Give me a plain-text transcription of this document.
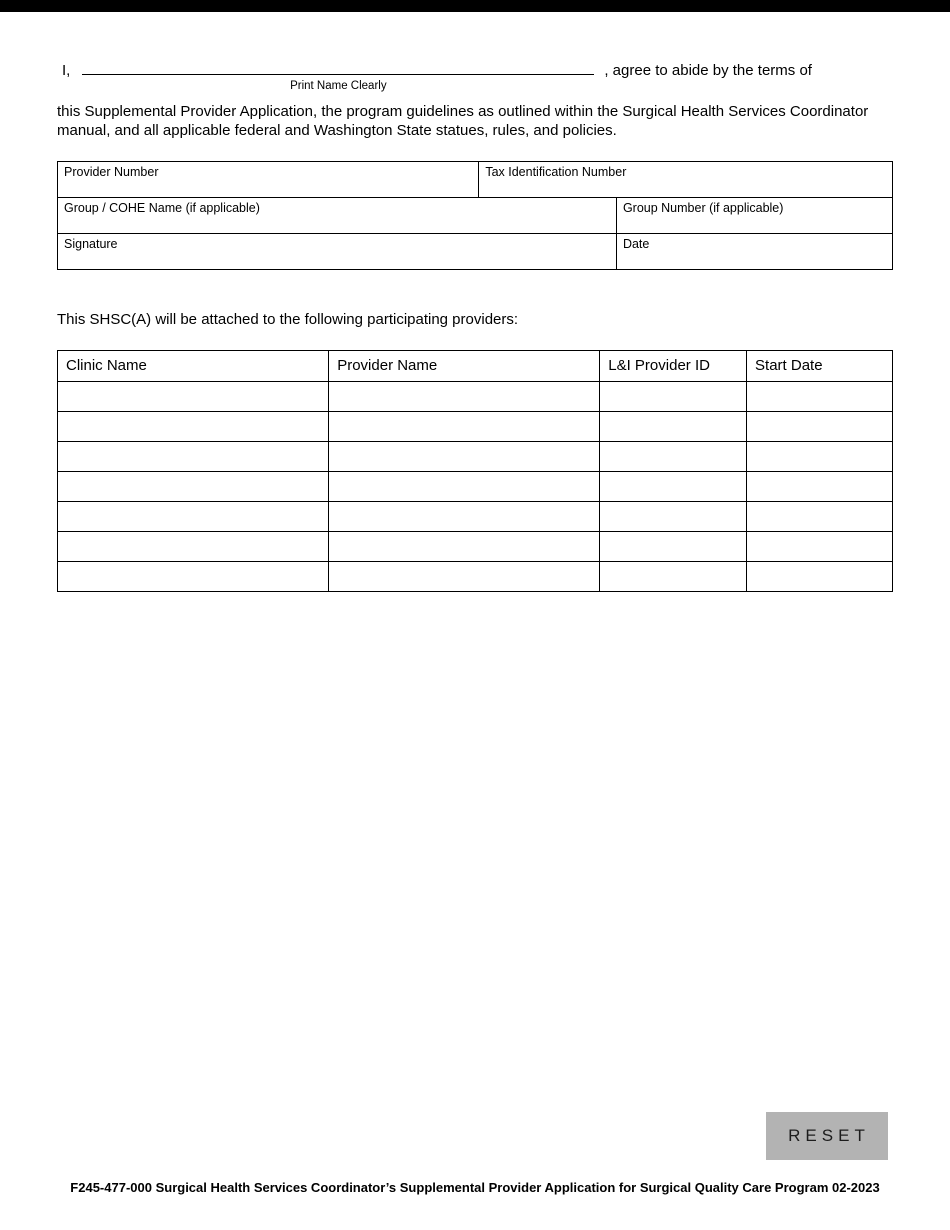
I,
Print Name Clearly
, agree to abide by the terms of
this Supplemental Provider Application, the program guidelines as outlined within the Surgical Health Services Coordinator manual, and all applicable federal and Washington State statues, rules, and policies.
Provider Number	Tax Identification Number
Group / COHE Name (if applicable)	Group Number (if applicable)
Signature	Date
This SHSC(A) will be attached to the following participating providers:
Clinic Name	Provider Name	L&I Provider ID	Start Date
RESET
F245-477-000 Surgical Health Services Coordinator’s Supplemental Provider Application for Surgical Quality Care Program 02-2023
